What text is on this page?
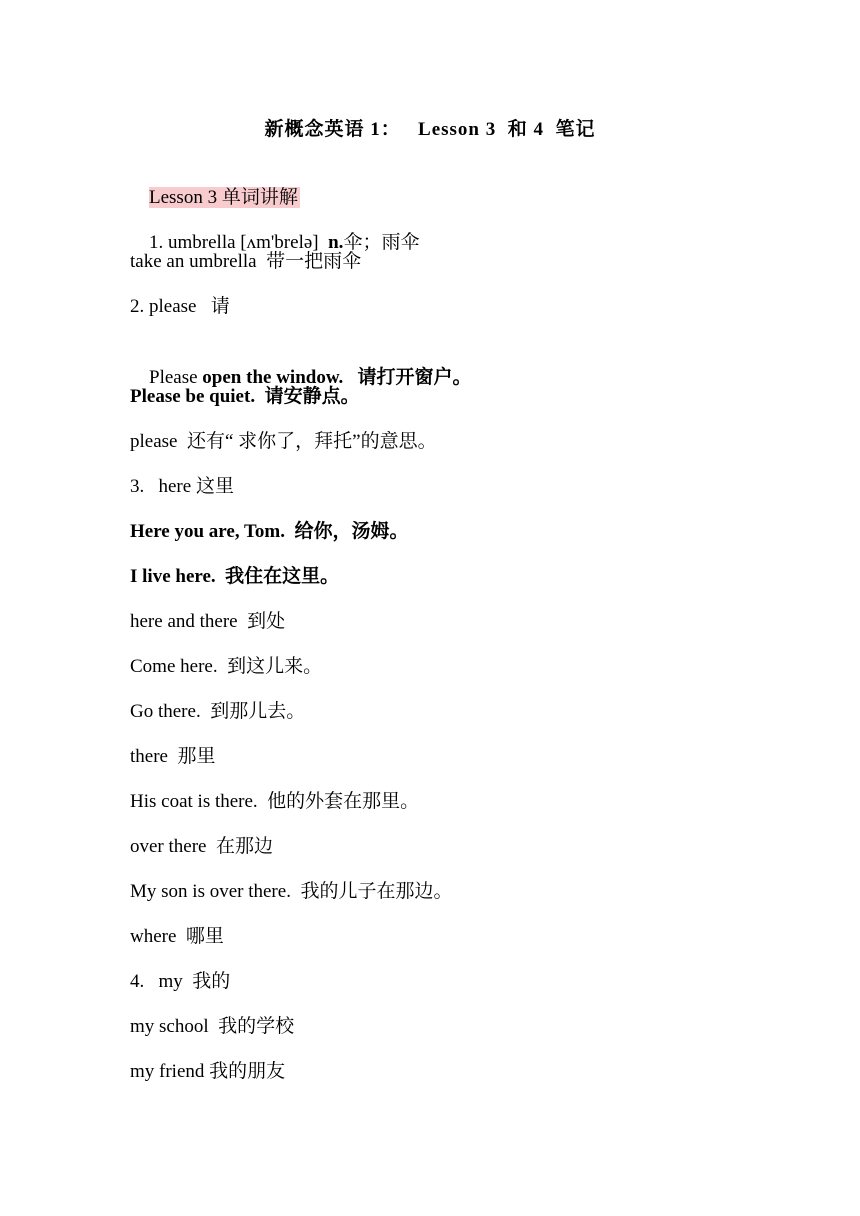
新概念英语 1：   Lesson 3  和 4  笔记

Lesson 3 单词讲解

1. umbrella [ʌm'brelə]  n.伞；雨伞

take an umbrella  带一把雨伞
2. please   请

Please open the window.   请打开窗户。

Please be quiet.  请安静点。
please  还有“ 求你了，拜托”的意思。
3.   here 这里
Here you are, Tom.  给你，汤姆。
I live here.  我住在这里。
here and there  到处
Come here.  到这儿来。
Go there.  到那儿去。
there  那里
His coat is there.  他的外套在那里。
over there  在那边
My son is over there.  我的儿子在那边。
where  哪里
4.   my  我的
my school  我的学校
my friend 我的朋友
